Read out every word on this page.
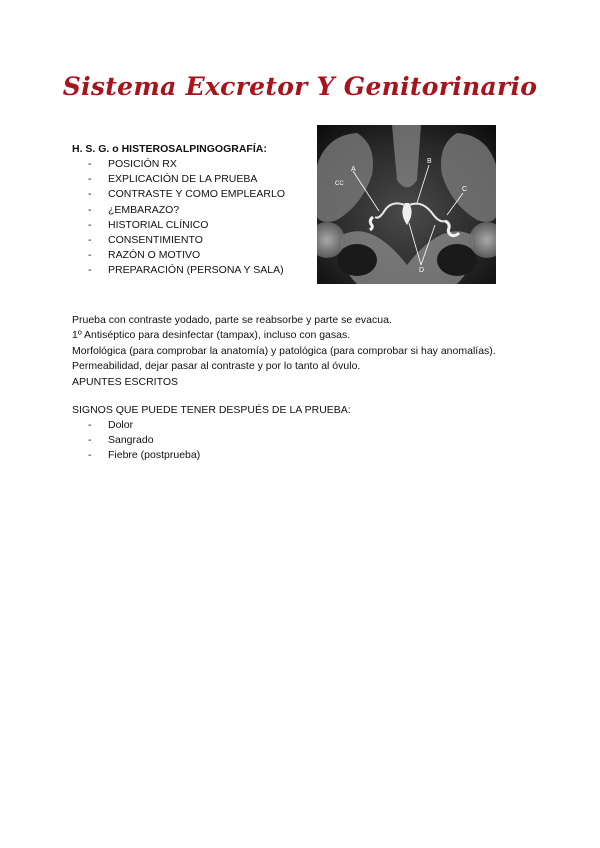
Sistema Excretor Y Genitorinario
H. S. G. o HISTEROSALPINGOGRAFÍA:
- POSICIÓN RX
- EXPLICACIÓN DE LA PRUEBA
- CONTRASTE Y COMO EMPLEARLO
- ¿EMBARAZO?
- HISTORIAL CLÍNICO
- CONSENTIMIENTO
- RAZÓN O MOTIVO
- PREPARACIÓN (PERSONA Y SALA)
A
B
C
D
CC
Prueba con contraste yodado, parte se reabsorbe y parte se evacua.
1º Antiséptico para desinfectar (tampax), incluso con gasas.
Morfológica (para comprobar la anatomía) y patológica (para comprobar si hay anomalías).
Permeabilidad, dejar pasar al contraste y por lo tanto al óvulo.
APUNTES ESCRITOS
SIGNOS QUE PUEDE TENER DESPUÉS DE LA PRUEBA:
- Dolor
- Sangrado
- Fiebre (postprueba)
